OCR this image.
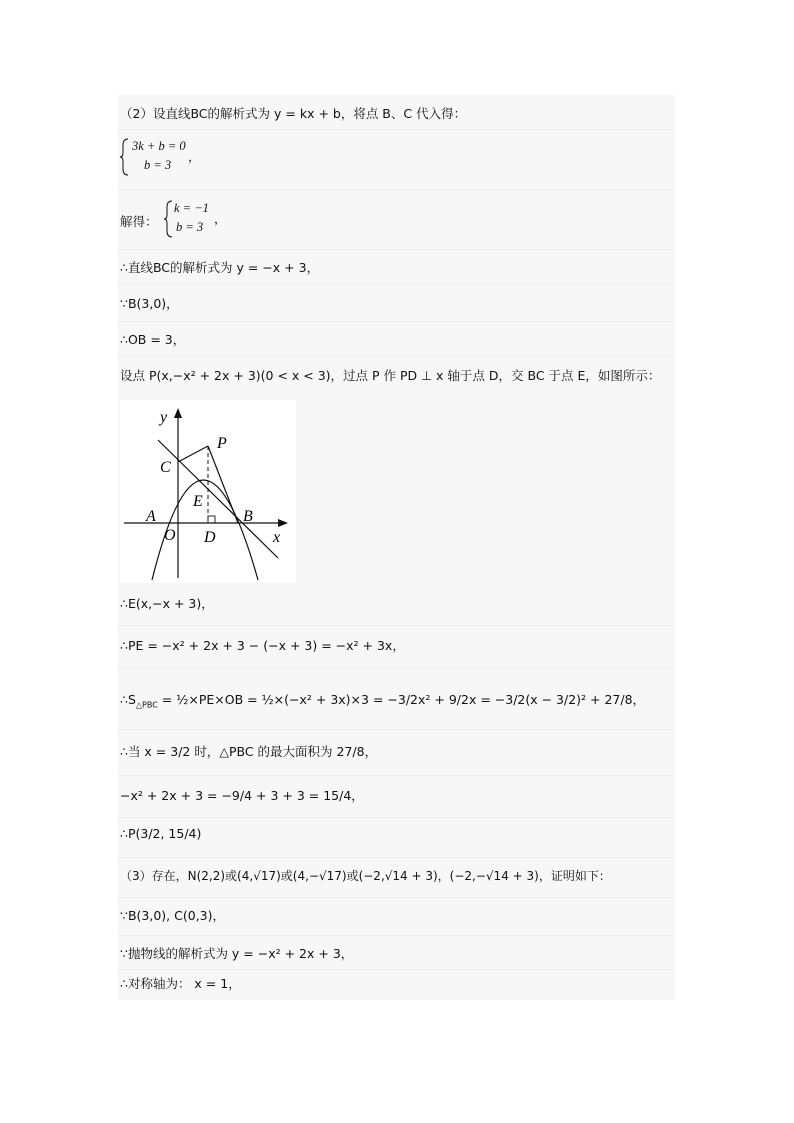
（2）设直线BC的解析式为 y = kx + b，将点 B、C 代入得：
3k + b = 0
b = 3
，
解得：
k = −1
b = 3
，
∴直线BC的解析式为 y = −x + 3，
∵B(3,0)，
∴OB = 3，
设点 P(x,−x² + 2x + 3)(0 < x < 3)，过点 P 作 PD ⊥ x 轴于点 D，交 BC 于点 E，如图所示：
y
x
P
C
E
A	B
O D
∴E(x,−x + 3)，
∴PE = −x² + 2x + 3 − (−x + 3) = −x² + 3x，
$\therefore S_{\triangle PBC}$ = ½×PE×OB = ½×(−x² + 3x)×3 = −3/2x² + 9/2x = −3/2(x − 3/2)² + 27/8，
∴当 x = 3/2 时，△PBC 的最大面积为 27/8，
−x² + 2x + 3 = −9/4 + 3 + 3 = 15/4，
∴P(3/2, 15/4)
（3）存在，N(2,2)或(4,√17)或(4,−√17)或(−2,√14 + 3)，(−2,−√14 + 3)，证明如下：
∵B(3,0), C(0,3)，
∵抛物线的解析式为 y = −x² + 2x + 3，
∴对称轴为： x = 1，
